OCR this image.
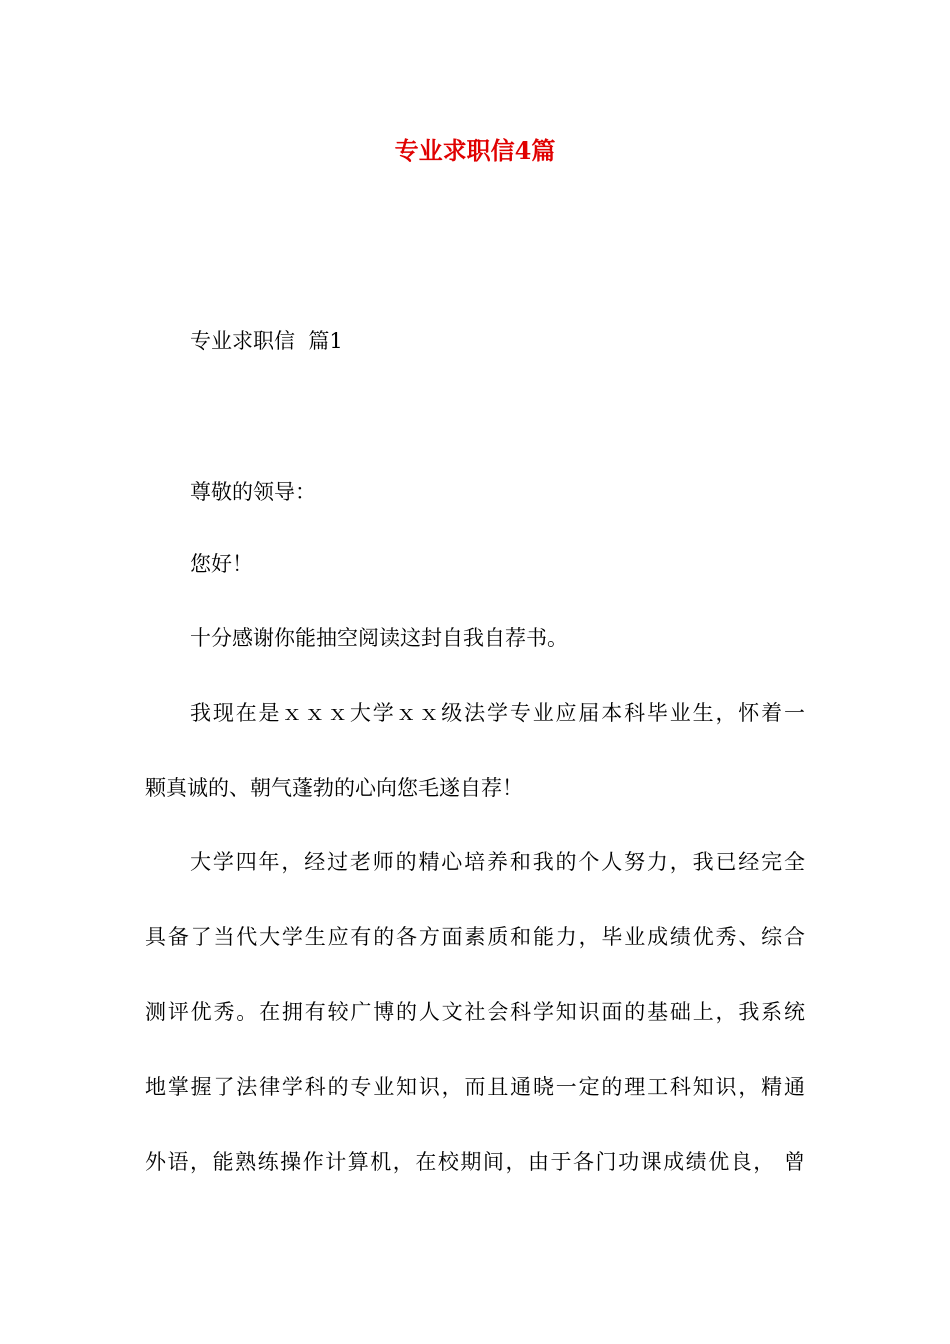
专业求职信4篇
专业求职信  篇1
尊敬的领导：
您好！
十分感谢你能抽空阅读这封自我自荐书。
我现在是ｘｘｘ大学ｘｘ级法学专业应届本科毕业生，怀着一
颗真诚的、朝气蓬勃的心向您毛遂自荐！
大学四年，经过老师的精心培养和我的个人努力，我已经完全
具备了当代大学生应有的各方面素质和能力，毕业成绩优秀、综合
测评优秀。在拥有较广博的人文社会科学知识面的基础上，我系统
地掌握了法律学科的专业知识，而且通晓一定的理工科知识，精通
外语，能熟练操作计算机，在校期间，由于各门功课成绩优良， 曾
